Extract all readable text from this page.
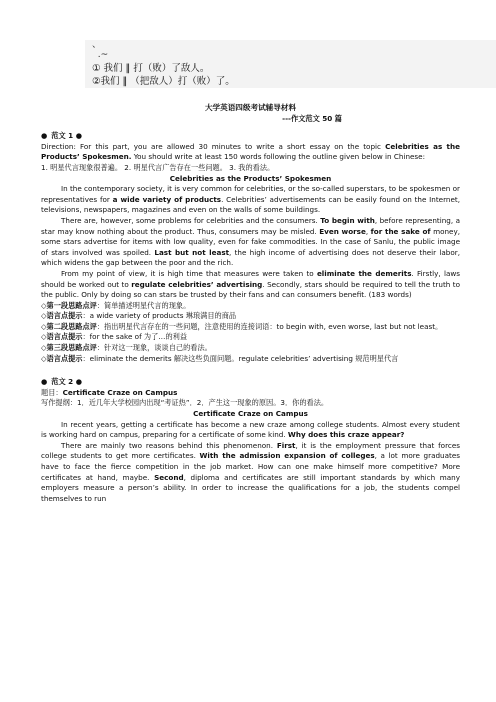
、
.~
① 我们 ‖ 打（败）了敌人。
②我们 ‖ （把敌人）打（败）了。

大学英语四级考试辅导材料

---作文范文 50 篇

● 范文 1 ●

Direction: For this part, you are allowed 30 minutes to write a short essay on the topic Celebrities as the Products’ Spokesmen. You should write at least 150 words following the outline given below in Chinese:

1. 明星代言现象很普遍。 2. 明星代言广告存在一些问题。 3. 我的看法。

Celebrities as the Products’ Spokesmen

In the contemporary society, it is very common for celebrities, or the so-called superstars, to be spokesmen or representatives for a wide variety of products. Celebrities’ advertisements can be easily found on the Internet, televisions, newspapers, magazines and even on the walls of some buildings.

There are, however, some problems for celebrities and the consumers. To begin with, before representing, a star may know nothing about the product. Thus, consumers may be misled. Even worse, for the sake of money, some stars advertise for items with low quality, even for fake commodities. In the case of Sanlu, the public image of stars involved was spoiled. Last but not least, the high income of advertising does not deserve their labor, which widens the gap between the poor and the rich.

From my point of view, it is high time that measures were taken to eliminate the demerits. Firstly, laws should be worked out to regulate celebrities’ advertising. Secondly, stars should be required to tell the truth to the public. Only by doing so can stars be trusted by their fans and can consumers benefit. (183 words)

◇第一段思路点评：简单描述明星代言的现象。

◇语言点提示：a wide variety of products 琳琅满目的商品

◇第二段思路点评：指出明星代言存在的一些问题，注意使用的连接词语：to begin with, even worse, last but not least。

◇语言点提示：for the sake of 为了…的利益

◇第三段思路点评：针对这一现象，谈谈自己的看法。

◇语言点提示：eliminate the demerits 解决这些负面问题。regulate celebrities’ advertising 规范明星代言

● 范文 2 ●

题目：Certificate Craze on Campus

写作提纲：1．近几年大学校园内出现“考证热”．2．产生这一现象的原因。3．你的看法。

Certificate Craze on Campus

In recent years, getting a certificate has become a new craze among college students. Almost every student is working hard on campus, preparing for a certificate of some kind. Why does this craze appear?

There are mainly two reasons behind this phenomenon. First, it is the employment pressure that forces college students to get more certificates. With the admission expansion of colleges, a lot more graduates have to face the fierce competition in the job market. How can one make himself more competitive? More certificates at hand, maybe. Second, diploma and certificates are still important standards by which many employers measure a person’s ability. In order to increase the qualifications for a job, the students compel themselves to run
